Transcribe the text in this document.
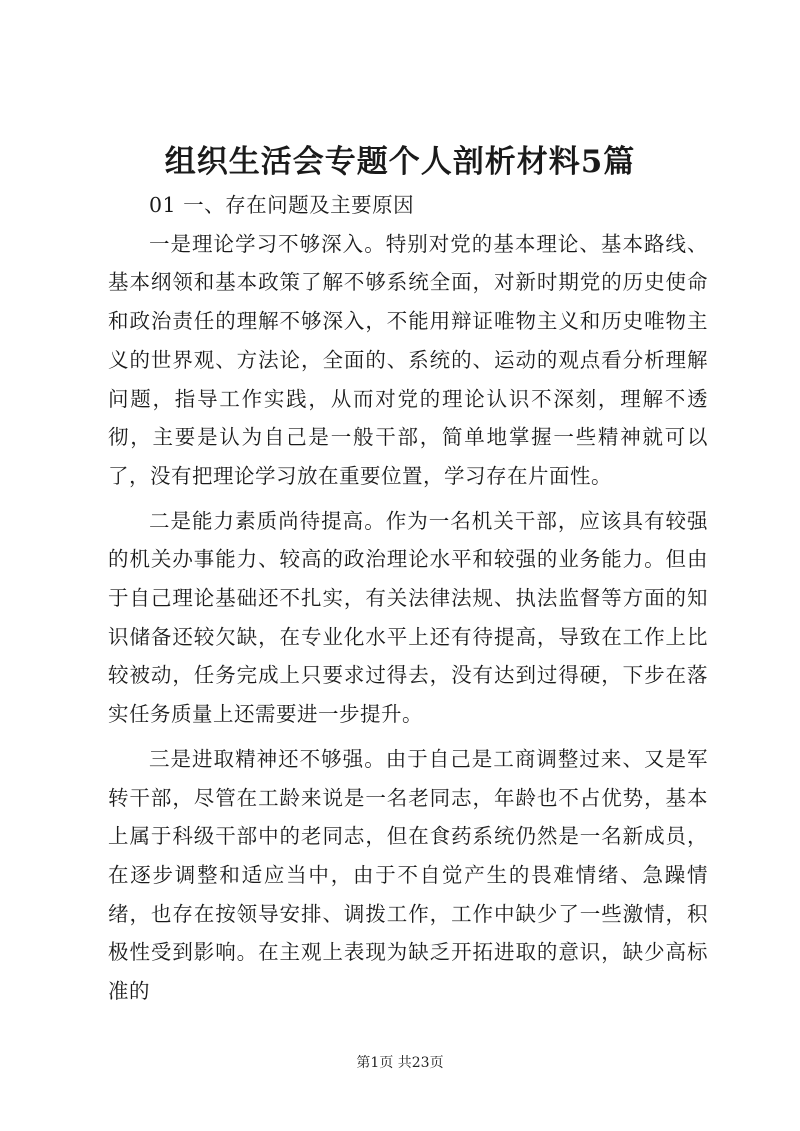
组织生活会专题个人剖析材料5篇

01 一、存在问题及主要原因

一是理论学习不够深入。特别对党的基本理论、基本路线、基本纲领和基本政策了解不够系统全面，对新时期党的历史使命和政治责任的理解不够深入，不能用辩证唯物主义和历史唯物主义的世界观、方法论，全面的、系统的、运动的观点看分析理解问题，指导工作实践，从而对党的理论认识不深刻，理解不透彻，主要是认为自己是一般干部，简单地掌握一些精神就可以了，没有把理论学习放在重要位置，学习存在片面性。

二是能力素质尚待提高。作为一名机关干部，应该具有较强的机关办事能力、较高的政治理论水平和较强的业务能力。但由于自己理论基础还不扎实，有关法律法规、执法监督等方面的知识储备还较欠缺，在专业化水平上还有待提高，导致在工作上比较被动，任务完成上只要求过得去，没有达到过得硬，下步在落实任务质量上还需要进一步提升。

三是进取精神还不够强。由于自己是工商调整过来、又是军转干部，尽管在工龄来说是一名老同志，年龄也不占优势，基本上属于科级干部中的老同志，但在食药系统仍然是一名新成员，在逐步调整和适应当中，由于不自觉产生的畏难情绪、急躁情绪，也存在按领导安排、调拨工作，工作中缺少了一些激情，积极性受到影响。在主观上表现为缺乏开拓进取的意识，缺少高标准的

第1页 共23页
